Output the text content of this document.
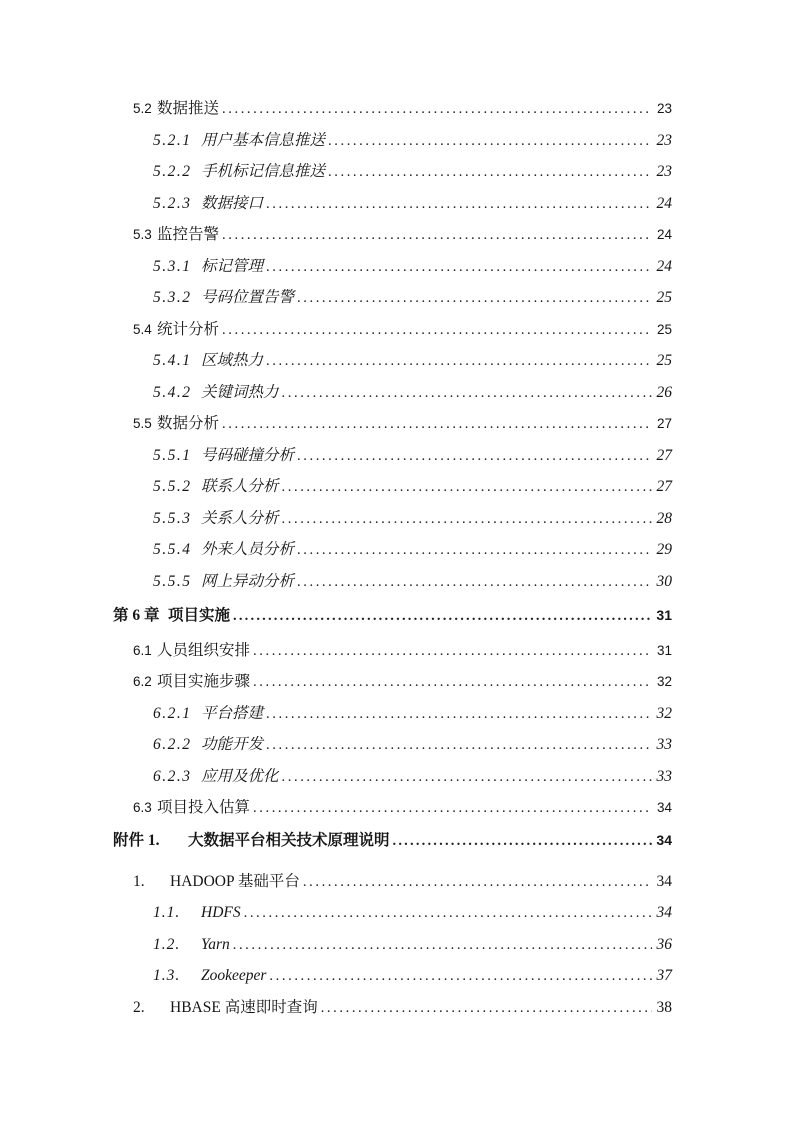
5.2 数据推送 .....	23
5.2.1 用户基本信息推送 .....	23
5.2.2 手机标记信息推送 .....	23
5.2.3 数据接口 .....	24
5.3 监控告警 .....	24
5.3.1 标记管理 .....	24
5.3.2 号码位置告警 .....	25
5.4 统计分析 .....	25
5.4.1 区域热力 .....	25
5.4.2 关键词热力 .....	26
5.5 数据分析 .....	27
5.5.1 号码碰撞分析 .....	27
5.5.2 联系人分析 .....	27
5.5.3 关系人分析 .....	28
5.5.4 外来人员分析 .....	29
5.5.5 网上异动分析 .....	30
第 6 章 项目实施 .....	31
6.1 人员组织安排 .....	31
6.2 项目实施步骤 .....	32
6.2.1 平台搭建 .....	32
6.2.2 功能开发 .....	33
6.2.3 应用及优化 .....	33
6.3 项目投入估算 .....	34
附件 1.	大数据平台相关技术原理说明 .....	34
1.	HADOOP 基础平台 .....	34
1.1.	HDFS .....	34
1.2.	Yarn .....	36
1.3.	Zookeeper .....	37
2.	HBASE 高速即时查询 .....	38
